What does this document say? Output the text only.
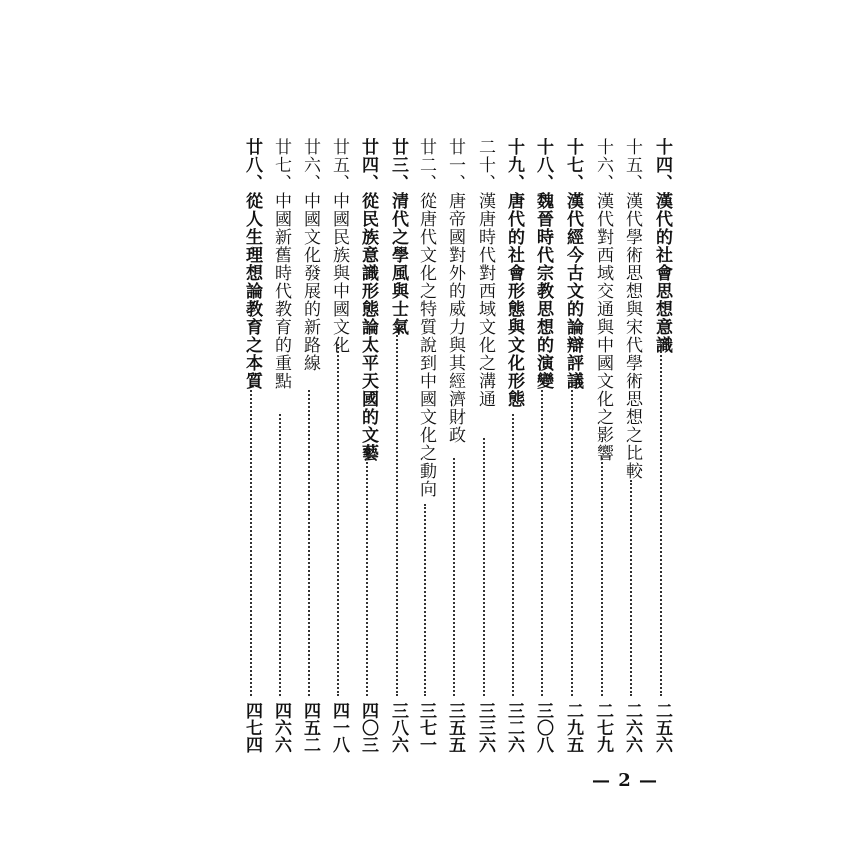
十四、漢代的社會思想意識
二五六
十五、漢代學術思想與宋代學術思想之比較
二六六
十六、漢代對西域交通與中國文化之影響
二七九
十七、漢代經今古文的論辯評議
二九五
十八、魏晉時代宗教思想的演變
三〇八
十九、唐代的社會形態與文化形態
三二六
二十、漢唐時代對西域文化之溝通
三三六
廿一、唐帝國對外的威力與其經濟財政
三五五
廿二、從唐代文化之特質說到中國文化之動向
三七一
廿三、清代之學風與士氣
三八六
廿四、從民族意識形態論太平天國的文藝
四〇三
廿五、中國民族與中國文化
四一八
廿六、中國文化發展的新路線
四五二
廿七、中國新舊時代教育的重點
四六六
廿八、從人生理想論教育之本質
四七四
— 2 —
